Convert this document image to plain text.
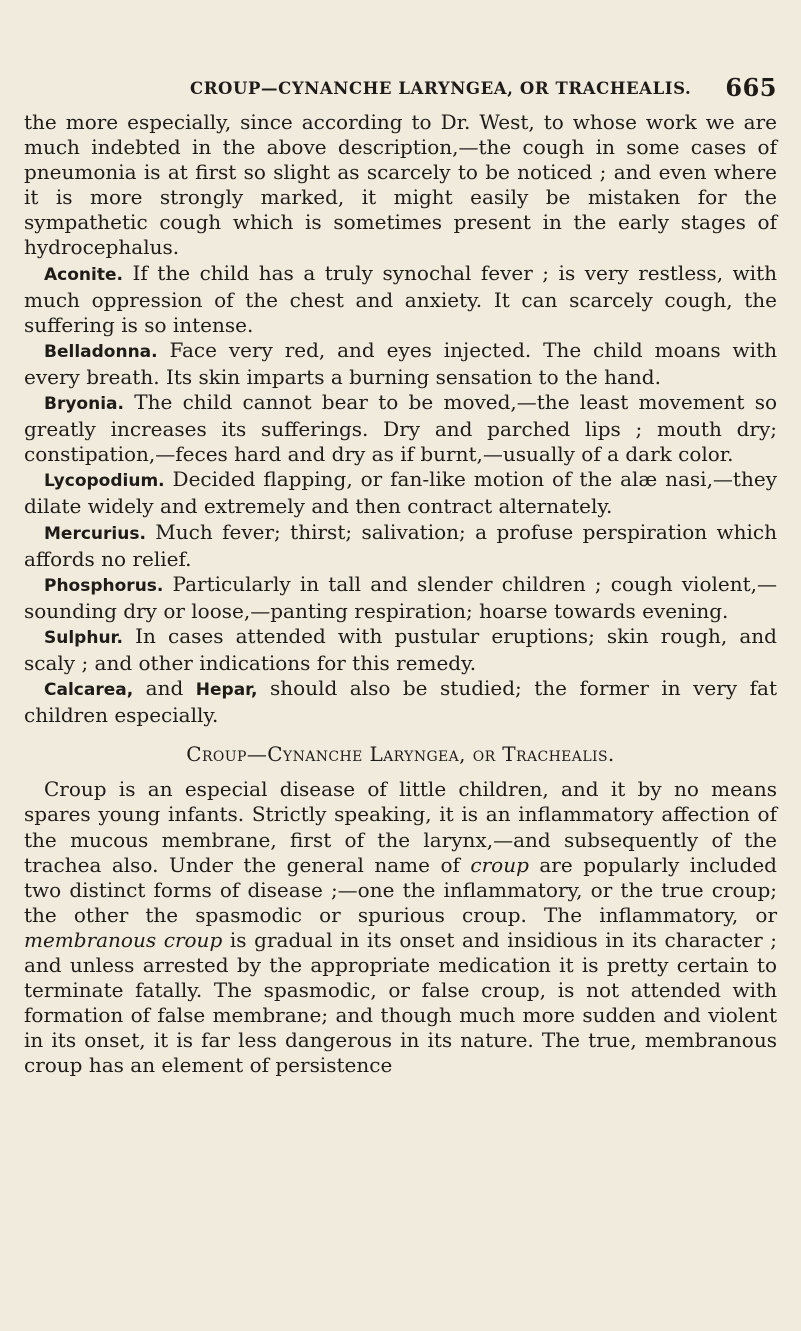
CROUP—CYNANCHE LARYNGEA, OR TRACHEALIS. 665

the more especially, since according to Dr. West, to whose work we are much indebted in the above description,—the cough in some cases of pneumonia is at first so slight as scarcely to be noticed ; and even where it is more strongly marked, it might easily be mistaken for the sympathetic cough which is sometimes present in the early stages of hydrocephalus.

Aconite. If the child has a truly synochal fever ; is very restless, with much oppression of the chest and anxiety. It can scarcely cough, the suffering is so intense.

Belladonna. Face very red, and eyes injected. The child moans with every breath. Its skin imparts a burning sensation to the hand.

Bryonia. The child cannot bear to be moved,—the least movement so greatly increases its sufferings. Dry and parched lips ; mouth dry; constipation,—feces hard and dry as if burnt,—usually of a dark color.

Lycopodium. Decided flapping, or fan-like motion of the alæ nasi,—they dilate widely and extremely and then contract alternately.

Mercurius. Much fever; thirst; salivation; a profuse perspiration which affords no relief.

Phosphorus. Particularly in tall and slender children ; cough violent,—sounding dry or loose,—panting respiration; hoarse towards evening.

Sulphur. In cases attended with pustular eruptions; skin rough, and scaly ; and other indications for this remedy.

Calcarea, and Hepar, should also be studied; the former in very fat children especially.

Croup—Cynanche Laryngea, or Trachealis.

Croup is an especial disease of little children, and it by no means spares young infants. Strictly speaking, it is an inflammatory affection of the mucous membrane, first of the larynx,—and subsequently of the trachea also. Under the general name of croup are popularly included two distinct forms of disease ;—one the inflammatory, or the true croup; the other the spasmodic or spurious croup. The inflammatory, or membranous croup is gradual in its onset and insidious in its character ; and unless arrested by the appropriate medication it is pretty certain to terminate fatally. The spasmodic, or false croup, is not attended with formation of false membrane; and though much more sudden and violent in its onset, it is far less dangerous in its nature. The true, membranous croup has an element of persistence
